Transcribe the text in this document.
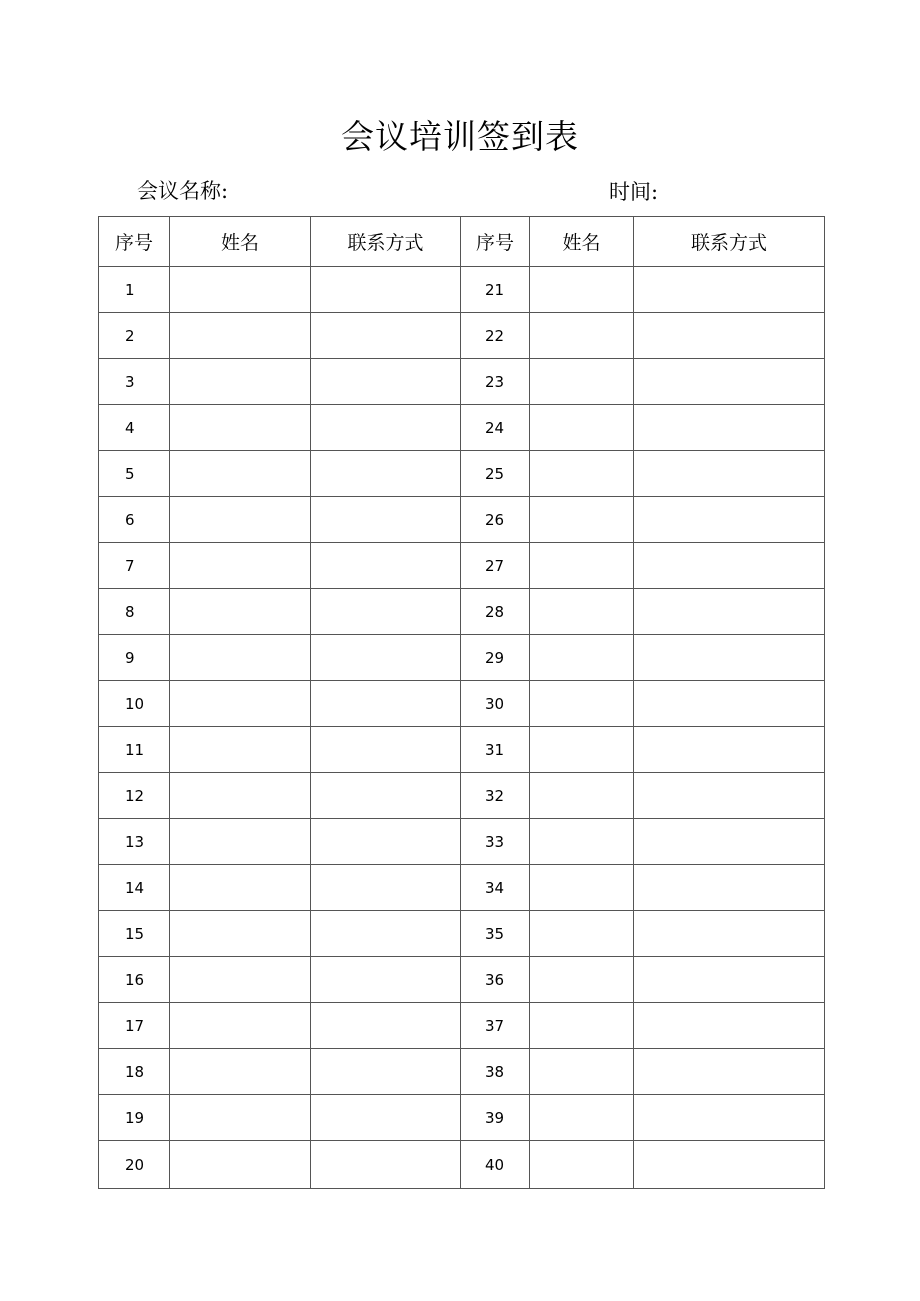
会议培训签到表
会议名称:	时间:
序号	姓名	联系方式	序号	姓名	联系方式
1			21		
2			22		
3			23		
4			24		
5			25		
6			26		
7			27		
8			28		
9			29		
10			30		
11			31		
12			32		
13			33		
14			34		
15			35		
16			36		
17			37		
18			38		
19			39		
20			40		
